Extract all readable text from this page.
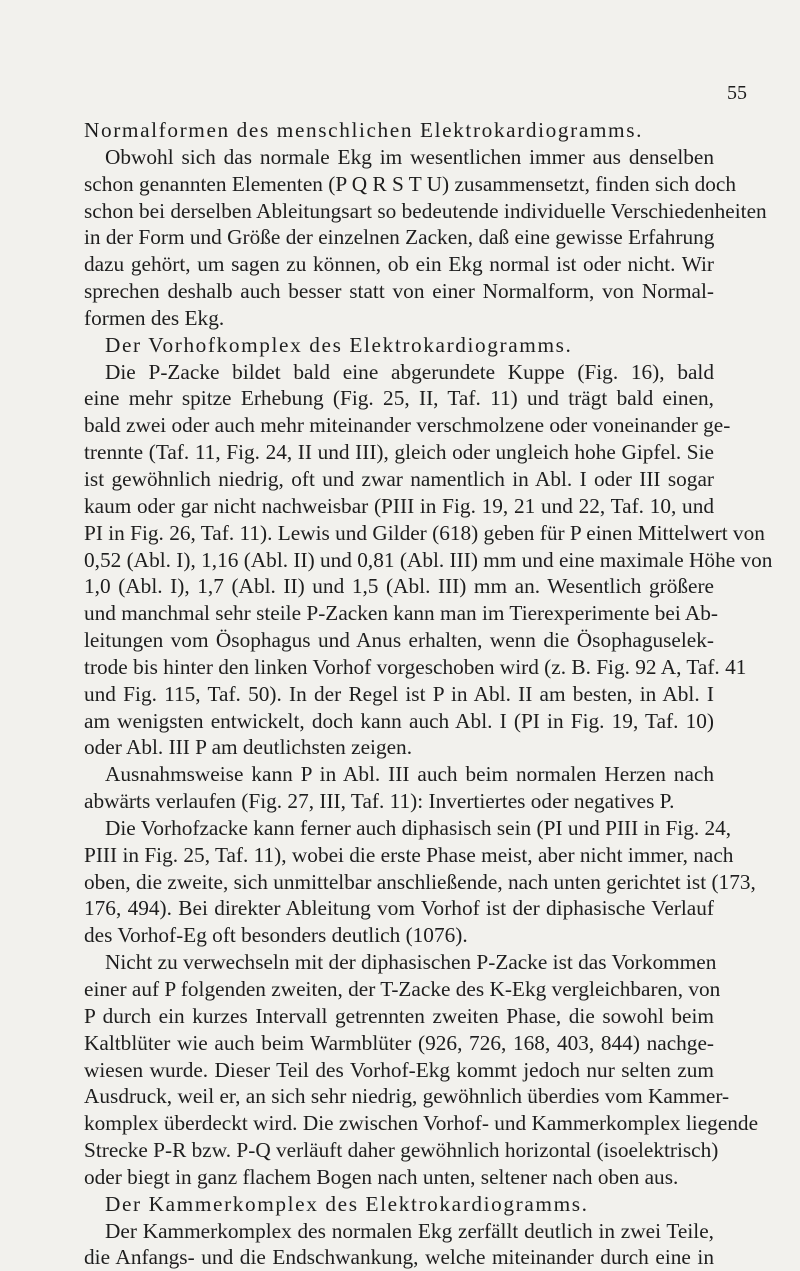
55
Normalformen des menschlichen Elektrokardiogramms.
Obwohl sich das normale Ekg im wesentlichen immer aus denselben
schon genannten Elementen (P Q R S T U) zusammensetzt, finden sich doch
schon bei derselben Ableitungsart so bedeutende individuelle Verschiedenheiten
in der Form und Größe der einzelnen Zacken, daß eine gewisse Erfahrung
dazu gehört, um sagen zu können, ob ein Ekg normal ist oder nicht. Wir
sprechen deshalb auch besser statt von einer Normalform, von Normal-
formen des Ekg.
Der Vorhofkomplex des Elektrokardiogramms.
Die P-Zacke bildet bald eine abgerundete Kuppe (Fig. 16), bald
eine mehr spitze Erhebung (Fig. 25, II, Taf. 11) und trägt bald einen,
bald zwei oder auch mehr miteinander verschmolzene oder voneinander ge-
trennte (Taf. 11, Fig. 24, II und III), gleich oder ungleich hohe Gipfel. Sie
ist gewöhnlich niedrig, oft und zwar namentlich in Abl. I oder III sogar
kaum oder gar nicht nachweisbar (PIII in Fig. 19, 21 und 22, Taf. 10, und
PI in Fig. 26, Taf. 11). Lewis und Gilder (618) geben für P einen Mittelwert von
0,52 (Abl. I), 1,16 (Abl. II) und 0,81 (Abl. III) mm und eine maximale Höhe von
1,0 (Abl. I), 1,7 (Abl. II) und 1,5 (Abl. III) mm an. Wesentlich größere
und manchmal sehr steile P-Zacken kann man im Tierexperimente bei Ab-
leitungen vom Ösophagus und Anus erhalten, wenn die Ösophaguselek-
trode bis hinter den linken Vorhof vorgeschoben wird (z. B. Fig. 92 A, Taf. 41
und Fig. 115, Taf. 50). In der Regel ist P in Abl. II am besten, in Abl. I
am wenigsten entwickelt, doch kann auch Abl. I (PI in Fig. 19, Taf. 10)
oder Abl. III P am deutlichsten zeigen.
Ausnahmsweise kann P in Abl. III auch beim normalen Herzen nach
abwärts verlaufen (Fig. 27, III, Taf. 11): Invertiertes oder negatives P.
Die Vorhofzacke kann ferner auch diphasisch sein (PI und PIII in Fig. 24,
PIII in Fig. 25, Taf. 11), wobei die erste Phase meist, aber nicht immer, nach
oben, die zweite, sich unmittelbar anschließende, nach unten gerichtet ist (173,
176, 494). Bei direkter Ableitung vom Vorhof ist der diphasische Verlauf
des Vorhof-Eg oft besonders deutlich (1076).
Nicht zu verwechseln mit der diphasischen P-Zacke ist das Vorkommen
einer auf P folgenden zweiten, der T-Zacke des K-Ekg vergleichbaren, von
P durch ein kurzes Intervall getrennten zweiten Phase, die sowohl beim
Kaltblüter wie auch beim Warmblüter (926, 726, 168, 403, 844) nachge-
wiesen wurde. Dieser Teil des Vorhof-Ekg kommt jedoch nur selten zum
Ausdruck, weil er, an sich sehr niedrig, gewöhnlich überdies vom Kammer-
komplex überdeckt wird. Die zwischen Vorhof- und Kammerkomplex liegende
Strecke P-R bzw. P-Q verläuft daher gewöhnlich horizontal (isoelektrisch)
oder biegt in ganz flachem Bogen nach unten, seltener nach oben aus.
Der Kammerkomplex des Elektrokardiogramms.
Der Kammerkomplex des normalen Ekg zerfällt deutlich in zwei Teile,
die Anfangs- und die Endschwankung, welche miteinander durch eine in
